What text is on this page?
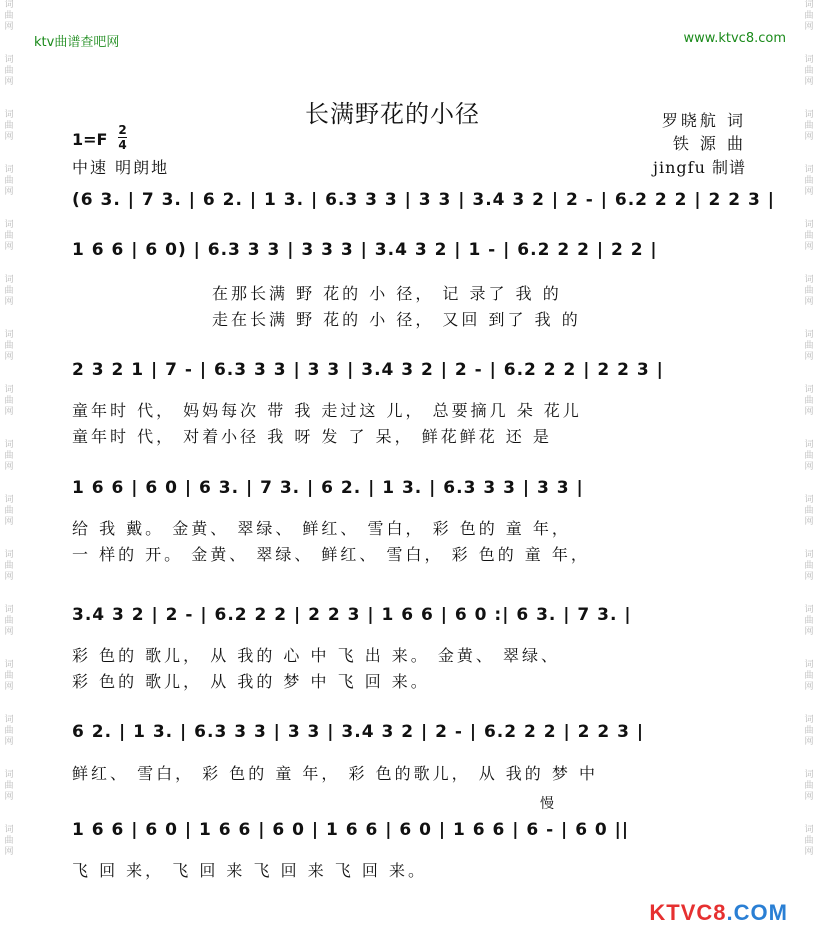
词
曲
网

词
曲
网

词
曲
网

词
曲
网

词
曲
网

词
曲
网

词
曲
网

词
曲
网

词
曲
网

词
曲
网

词
曲
网

词
曲
网

词
曲
网

词
曲
网

词
曲
网

词
曲
网
词
曲
网

词
曲
网

词
曲
网

词
曲
网

词
曲
网

词
曲
网

词
曲
网

词
曲
网

词
曲
网

词
曲
网

词
曲
网

词
曲
网

词
曲
网

词
曲
网

词
曲
网

词
曲
网
ktv曲谱查吧网	www.ktvc8.com
长满野花的小径	罗晓航 词
铁 源 曲
jingfu 制谱
1=F 2
4
中速 明朗地
(6 3. | 7 3. | 6 2. | 1 3. | 6.3 3 3 | 3 3 | 3.4 3 2 | 2 - | 6.2 2 2 | 2 2 3 |
1 6 6 | 6 0) | 6.3 3 3 | 3 3 3 | 3.4 3 2 | 1 - | 6.2 2 2 | 2 2 |
在那长满 野 花的 小 径， 记 录了 我 的
走在长满 野 花的 小 径， 又回 到了 我 的
2 3 2 1 | 7 - | 6.3 3 3 | 3 3 | 3.4 3 2 | 2 - | 6.2 2 2 | 2 2 3 |
童年时 代， 妈妈每次 带 我 走过这 儿， 总要摘几 朵 花儿
童年时 代， 对着小径 我 呀 发 了 呆， 鲜花鲜花 还 是
1 6 6 | 6 0 | 6 3. | 7 3. | 6 2. | 1 3. | 6.3 3 3 | 3 3 |
给 我 戴。 金黄、 翠绿、 鲜红、 雪白， 彩 色的 童 年，
一 样的 开。 金黄、 翠绿、 鲜红、 雪白， 彩 色的 童 年，
3.4 3 2 | 2 - | 6.2 2 2 | 2 2 3 | 1 6 6 | 6 0 :| 6 3. | 7 3. |
彩 色的 歌儿， 从 我的 心 中 飞 出 来。 金黄、 翠绿、
彩 色的 歌儿， 从 我的 梦 中 飞 回 来。
6 2. | 1 3. | 6.3 3 3 | 3 3 | 3.4 3 2 | 2 - | 6.2 2 2 | 2 2 3 |
鲜红、 雪白， 彩 色的 童 年， 彩 色的歌儿， 从 我的 梦 中
慢
1 6 6 | 6 0 | 1 6 6 | 6 0 | 1 6 6 | 6 0 | 1 6 6 | 6 - | 6 0 ||
飞 回 来， 飞 回 来 飞 回 来 飞 回 来。
KTVC8.COM
